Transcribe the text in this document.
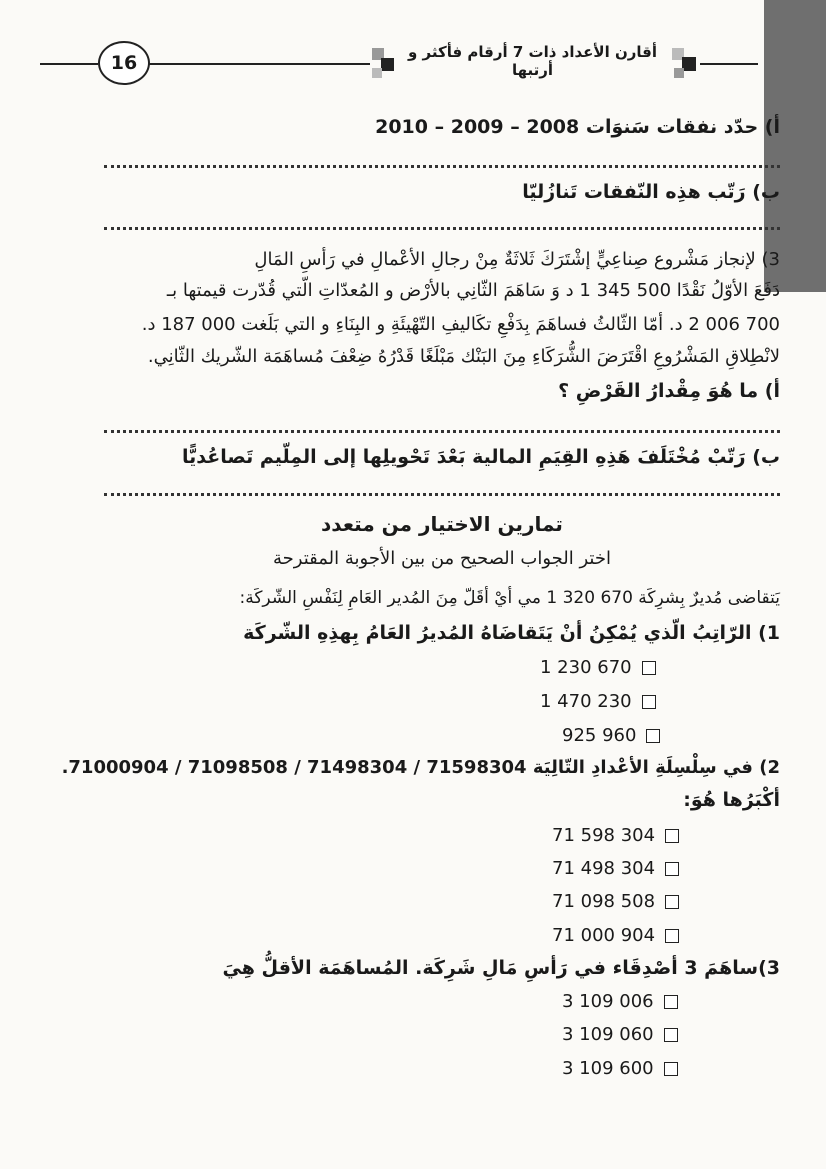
16	أقارن الأعداد ذات 7 أرقام فأكثر و أرتبها
أ) حدّد نفقات سَنوَات 2008 – 2009 – 2010
ب) رَتّب هذِه النّفقات تَنازُليّا
3) لإنجاز مَشْروع صِناعِيٍّ إشْتَرَكَ ثَلاثَةٌ مِنْ رجالِ الأعْمالِ في رَأسِ المَالِ
دَفَعَ الأوّلُ نَقْدًا 500 345 1 د وَ سَاهَمَ الثّانِي بالأرْض و المُعدّاتِ الّتي قُدّرت قيمتها بـ
700 006 2 د. أمّا الثّالثُ فساهَمَ بِدَفْعِ تكَاليفِ التّهْيئَةِ و البِنَاءِ و التي بَلَغت 000 187 د.
لانْطِلاقِ المَشْرُوعِ اقْتَرَضَ الشُّرَكَاءِ مِنَ البَنْك مَبْلَغًا قَدْرُهُ ضِعْفَ مُساهَمَة الشّريك الثّانِي.
أ) ما هُوَ مِقْدارُ القَرْضِ ؟
ب) رَتّبْ مُخْتَلَفَ هَذِهِ القِيَمِ المالية بَعْدَ تَحْويلِها إلى المِلّيم تَصاعُديًّا
تمارين الاختيار من متعدد
اختر الجواب الصحيح من بين الأجوبة المقترحة
يَتقاضى مُديرٌ بِشرِكَة 670 320 1 مي أيْ أقَلّ مِنَ المُدير العَامِ لِنَفْسِ الشّركَة:
1) الرّاتِبُ الّذي يُمْكِنُ أنْ يَتَقاضَاهُ المُديرُ العَامُ بِهذِهِ الشّركَة
1 230 670
1 470 230
925 960
2) في سِلْسِلَةِ الأعْدادِ التّالِيَة 71598304 / 71498304 / 71098508 / 71000904.
أكْبَرُها هُوَ:
71 598 304
71 498 304
71 098 508
71 000 904
3)ساهَمَ 3 أصْدِقَاء في رَأسِ مَالِ شَرِكَة. المُساهَمَة الأقلُّ هِيَ
3 109 006
3 109 060
3 109 600
